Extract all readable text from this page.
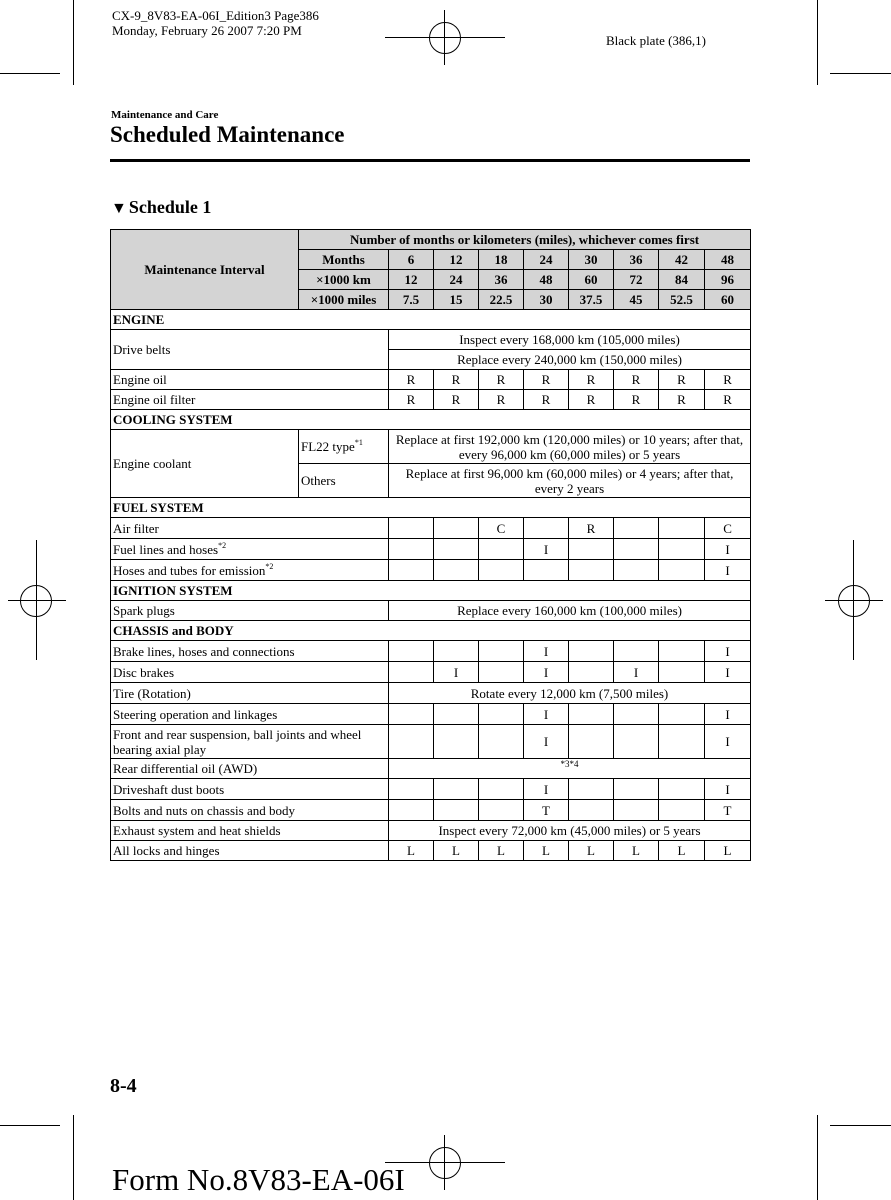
CX-9_8V83-EA-06I_Edition3 Page386
Monday, February 26 2007 7:20 PM
Black plate (386,1)
Maintenance and Care
Scheduled Maintenance
▼ Schedule 1
Maintenance Interval	Number of months or kilometers (miles), whichever comes first								
	Months	6	12	18	24	30	36	42	48
	×1000 km	12	24	36	48	60	72	84	96
	×1000 miles	7.5	15	22.5	30	37.5	45	52.5	60
ENGINE									
Drive belts		Inspect every 168,000 km (105,000 miles)							
		Replace every 240,000 km (150,000 miles)							
Engine oil		R	R	R	R	R	R	R	R
Engine oil filter		R	R	R	R	R	R	R	R
COOLING SYSTEM									
Engine coolant	FL22 type$^{*1}$	Replace at first 192,000 km (120,000 miles) or 10 years; after that, every 96,000 km (60,000 miles) or 5 years							
	Others	Replace at first 96,000 km (60,000 miles) or 4 years; after that, every 2 years							
FUEL SYSTEM									
Air filter				C		R			C
Fuel lines and hoses$^{*2}$					I				I
Hoses and tubes for emission$^{*2}$									I
IGNITION SYSTEM									
Spark plugs		Replace every 160,000 km (100,000 miles)							
CHASSIS and BODY									
Brake lines, hoses and connections					I				I
Disc brakes			I		I		I		I
Tire (Rotation)		Rotate every 12,000 km (7,500 miles)							
Steering operation and linkages					I				I
Front and rear suspension, ball joints and wheel bearing axial play					I				I
Rear differential oil (AWD)		*3*4							
Driveshaft dust boots					I				I
Bolts and nuts on chassis and body					T				T
Exhaust system and heat shields		Inspect every 72,000 km (45,000 miles) or 5 years							
All locks and hinges		L	L	L	L	L	L	L	L
8-4
Form No.8V83-EA-06I
